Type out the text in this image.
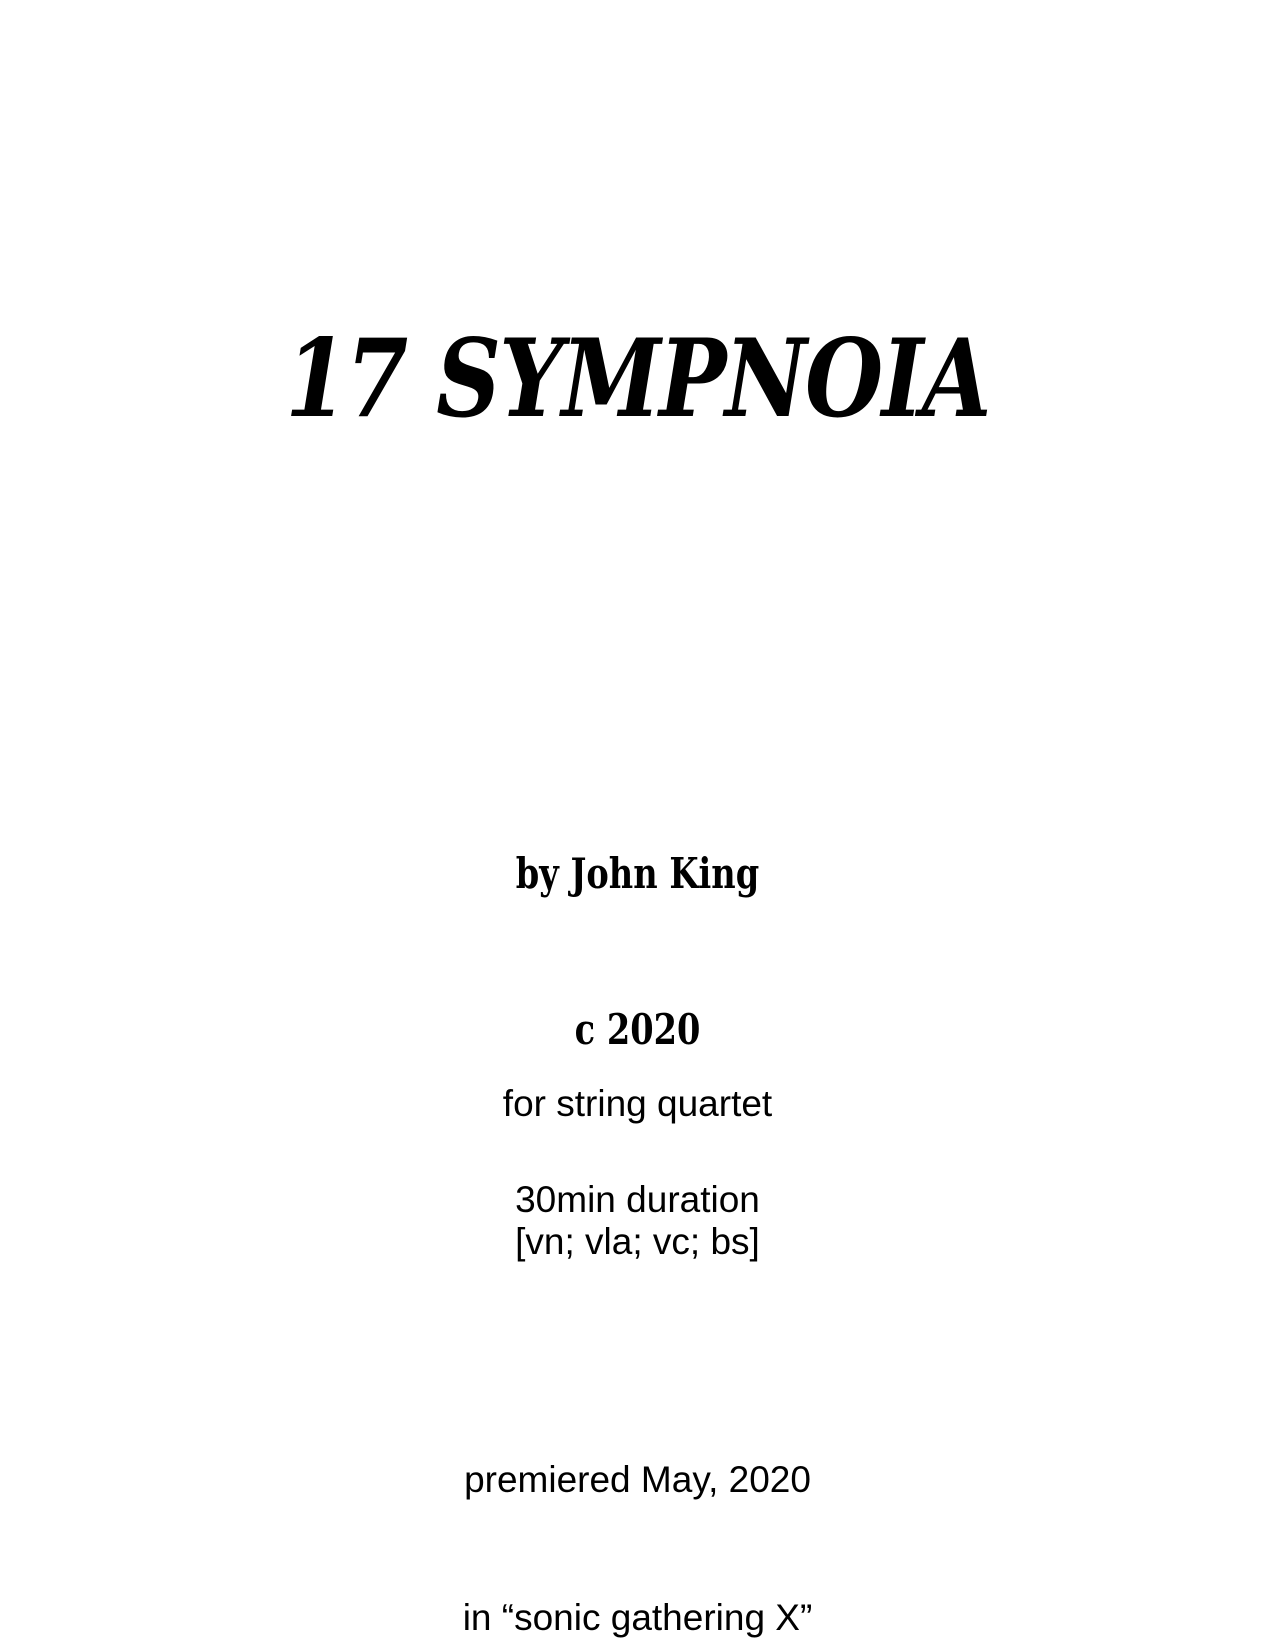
17 SYMPNOIA

by John King

c 2020

for string quartet

[vn; vla; vc; bs]

30min duration

premiered May, 2020

in “sonic gathering X”
